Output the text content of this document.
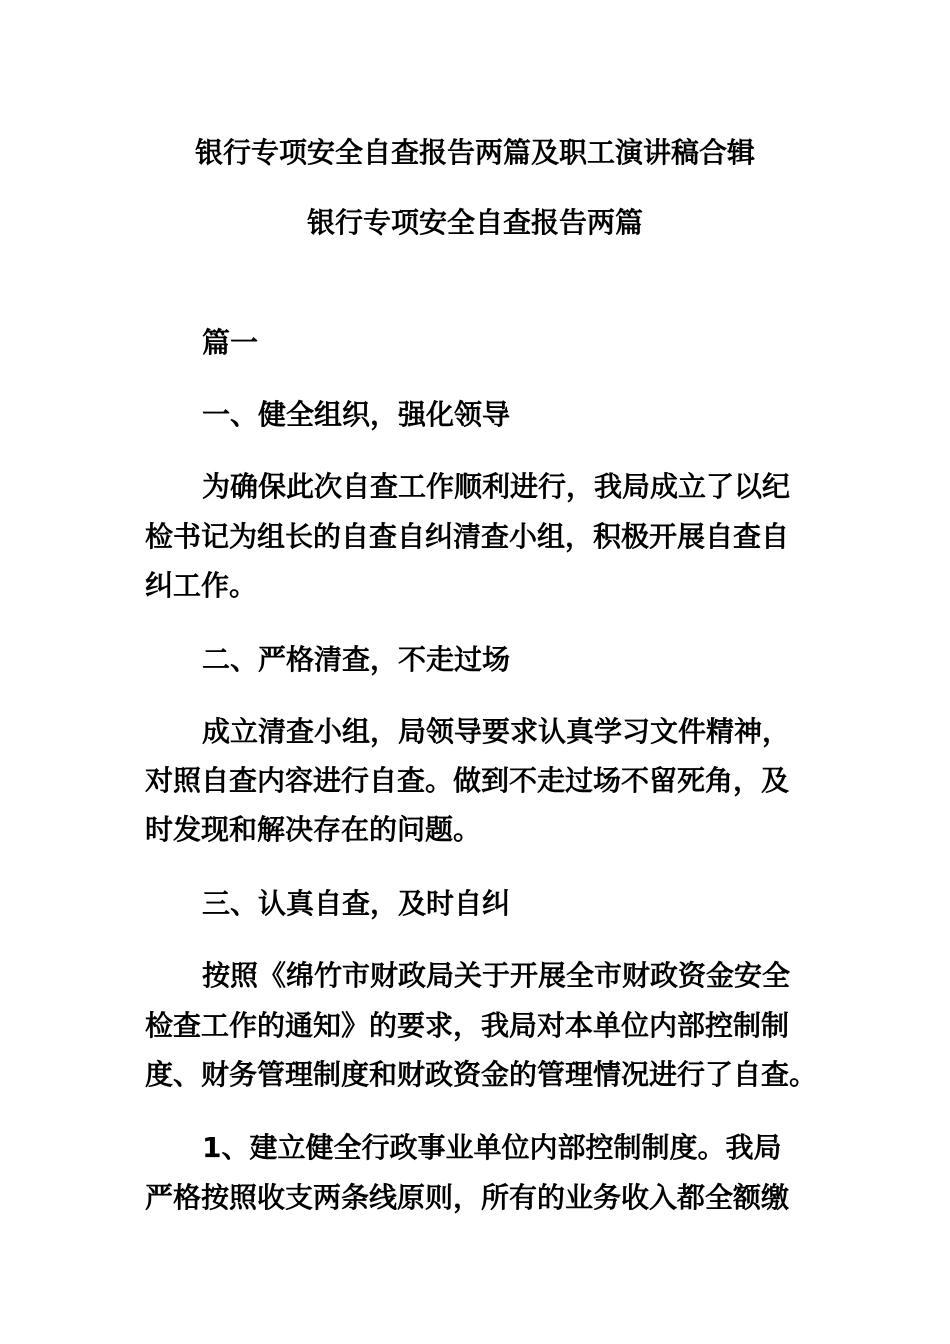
银行专项安全自查报告两篇及职工演讲稿合辑
银行专项安全自查报告两篇
篇一
一、健全组织，强化领导
为确保此次自查工作顺利进行，我局成立了以纪
检书记为组长的自查自纠清查小组，积极开展自查自
纠工作。
二、严格清查，不走过场
成立清查小组，局领导要求认真学习文件精神，
对照自查内容进行自查。做到不走过场不留死角，及
时发现和解决存在的问题。
三、认真自查，及时自纠
按照《绵竹市财政局关于开展全市财政资金安全
检查工作的通知》的要求，我局对本单位内部控制制
度、财务管理制度和财政资金的管理情况进行了自查。
1、建立健全行政事业单位内部控制制度。我局
严格按照收支两条线原则，所有的业务收入都全额缴
